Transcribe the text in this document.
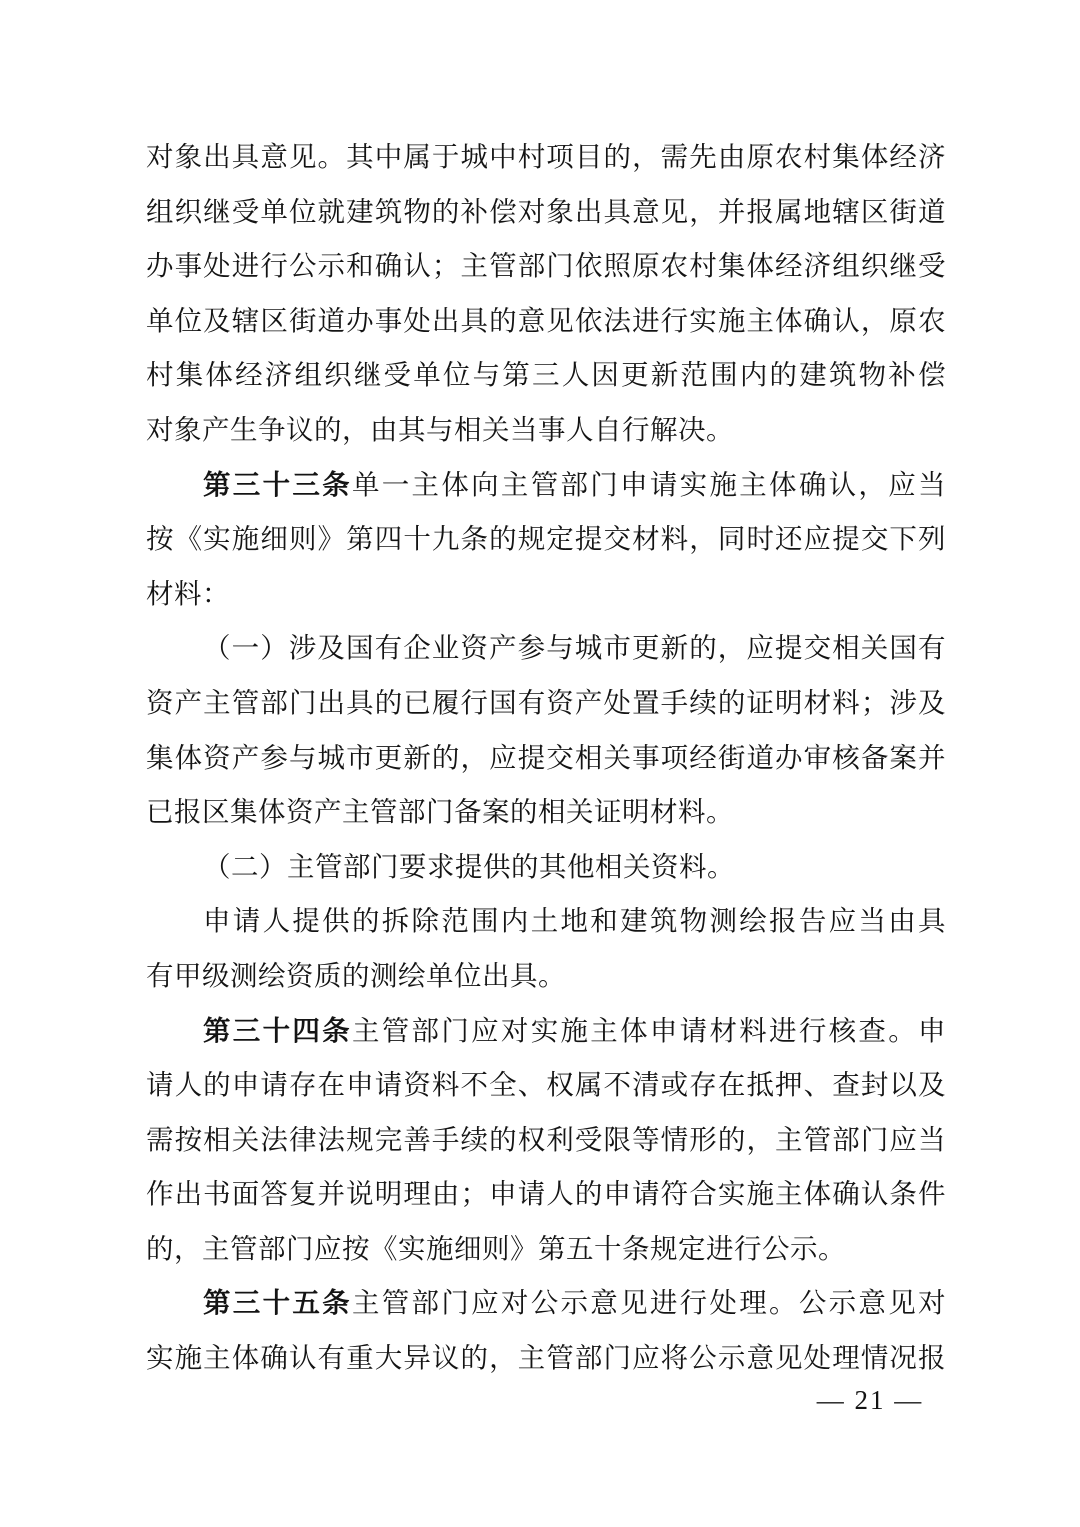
对象出具意见。其中属于城中村项目的，需先由原农村集体经济
组织继受单位就建筑物的补偿对象出具意见，并报属地辖区街道
办事处进行公示和确认；主管部门依照原农村集体经济组织继受
单位及辖区街道办事处出具的意见依法进行实施主体确认，原农
村集体经济组织继受单位与第三人因更新范围内的建筑物补偿
对象产生争议的，由其与相关当事人自行解决。
第三十三条单一主体向主管部门申请实施主体确认，应当
按《实施细则》第四十九条的规定提交材料，同时还应提交下列
材料：
（一）涉及国有企业资产参与城市更新的，应提交相关国有
资产主管部门出具的已履行国有资产处置手续的证明材料；涉及
集体资产参与城市更新的，应提交相关事项经街道办审核备案并
已报区集体资产主管部门备案的相关证明材料。
（二）主管部门要求提供的其他相关资料。
申请人提供的拆除范围内土地和建筑物测绘报告应当由具
有甲级测绘资质的测绘单位出具。
第三十四条主管部门应对实施主体申请材料进行核查。申
请人的申请存在申请资料不全、权属不清或存在抵押、查封以及
需按相关法律法规完善手续的权利受限等情形的，主管部门应当
作出书面答复并说明理由；申请人的申请符合实施主体确认条件
的，主管部门应按《实施细则》第五十条规定进行公示。
第三十五条主管部门应对公示意见进行处理。公示意见对
实施主体确认有重大异议的，主管部门应将公示意见处理情况报
— 21 —
